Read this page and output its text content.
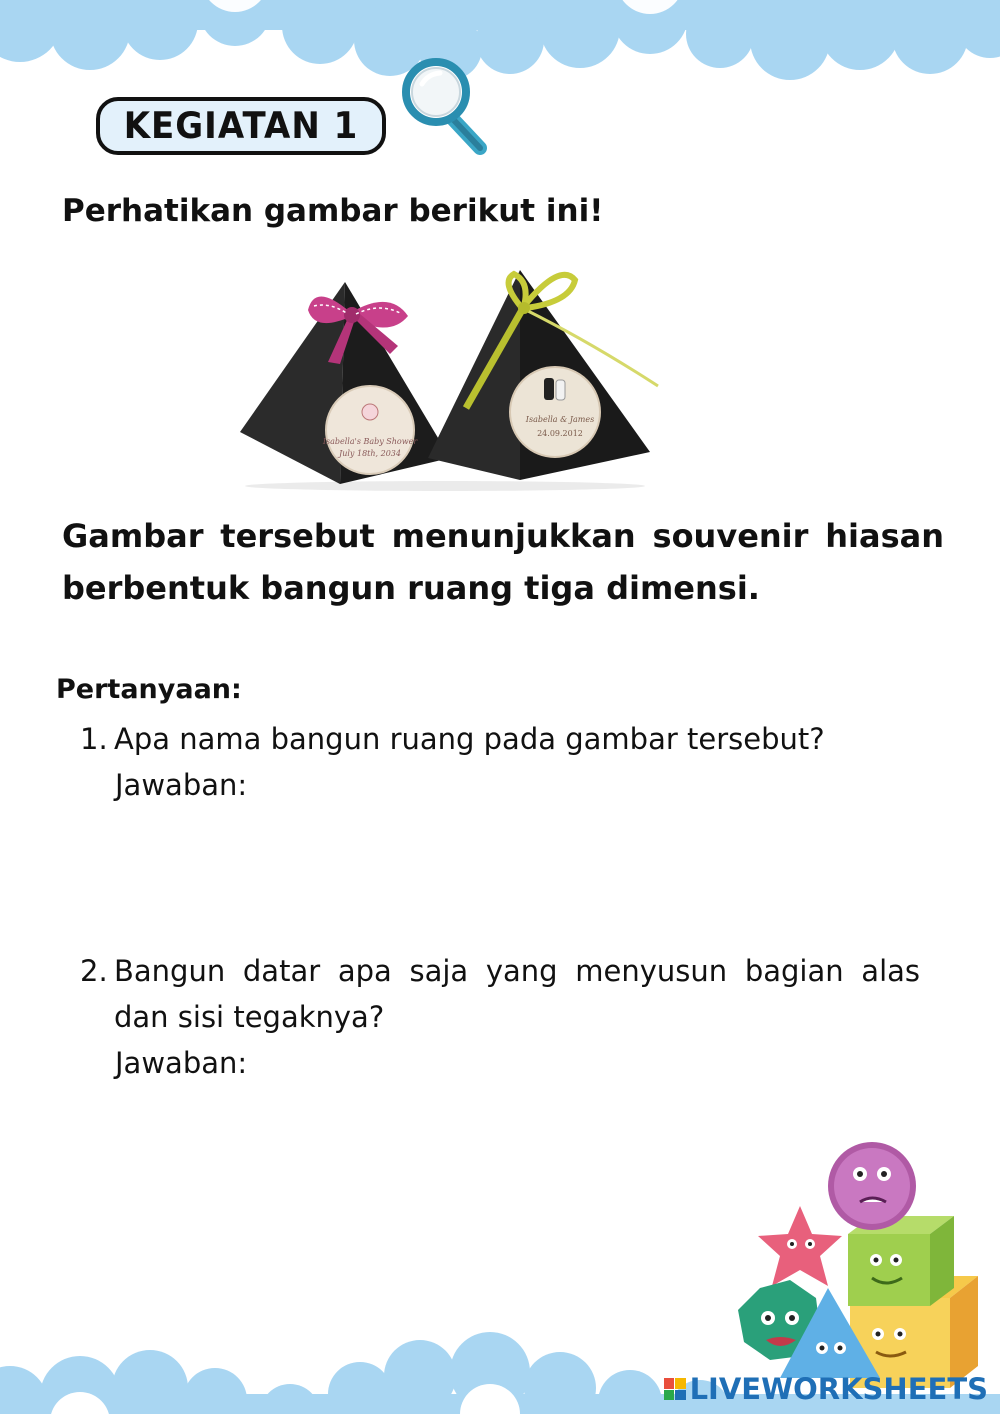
KEGIATAN 1
Perhatikan gambar berikut ini!
Isabella's Baby Shower
July 18th, 2034
Isabella & James
24.09.2012
Gambar tersebut menunjukkan souvenir hiasan berbentuk bangun ruang tiga dimensi.
Pertanyaan:
1. Apa nama bangun ruang pada gambar tersebut?
Jawaban:
2. Bangun datar apa saja yang menyusun bagian alas dan sisi tegaknya?
Jawaban:
LIVEWORKSHEETS
